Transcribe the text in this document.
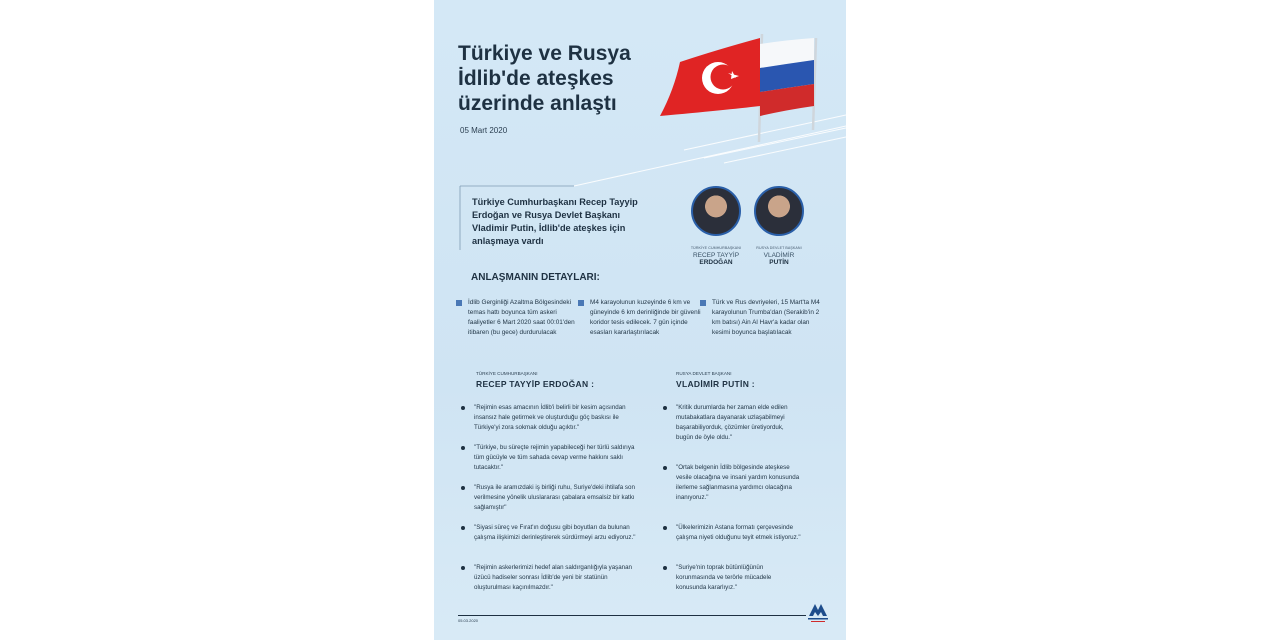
Türkiye ve Rusya İdlib'de ateşkes üzerinde anlaştı
05 Mart 2020
Türkiye Cumhurbaşkanı Recep Tayyip Erdoğan ve Rusya Devlet Başkanı Vladimir Putin, İdlib'de ateşkes için anlaşmaya vardı
TÜRKİYE CUMHURBAŞKANI
RECEP TAYYİP
ERDOĞAN
RUSYA DEVLET BAŞKANI
VLADİMİR
PUTİN
ANLAŞMANIN DETAYLARI:
İdlib Gerginliği Azaltma Bölgesindeki temas hattı boyunca tüm askeri faaliyetler 6 Mart 2020 saat 00:01'den itibaren (bu gece) durdurulacak
M4 karayolunun kuzeyinde 6 km ve güneyinde 6 km derinliğinde bir güvenli koridor tesis edilecek. 7 gün içinde esasları kararlaştırılacak
Türk ve Rus devriyeleri, 15 Mart'ta M4 karayolunun Trumba'dan (Serakib'in 2 km batısı) Ain Al Havr'a kadar olan kesimi boyunca başlatılacak
TÜRKİYE CUMHURBAŞKANI
RECEP TAYYİP ERDOĞAN :
"Rejimin esas amacının İdlib'i belirli bir kesim açısından insansız hale getirmek ve oluşturduğu göç baskısı ile Türkiye'yi zora sokmak olduğu açıktır."
"Türkiye, bu süreçte rejimin yapabileceği her türlü saldırıya tüm gücüyle ve tüm sahada cevap verme hakkını saklı tutacaktır."
"Rusya ile aramızdaki iş birliği ruhu, Suriye'deki ihtilafa son verilmesine yönelik uluslararası çabalara emsalsiz bir katkı sağlamıştır"
"Siyasi süreç ve Fırat'ın doğusu gibi boyutları da bulunan çalışma ilişkimizi derinleştirerek sürdürmeyi arzu ediyoruz."
"Rejimin askerlerimizi hedef alan saldırganlığıyla yaşanan üzücü hadiseler sonrası İdlib'de yeni bir statünün oluşturulması kaçınılmazdır."
RUSYA DEVLET BAŞKANI
VLADİMİR PUTİN :
"Kritik durumlarda her zaman elde edilen mutabakatlara dayanarak uzlaşabilmeyi başarabiliyorduk, çözümler üretiyorduk, bugün de öyle oldu."
"Ortak belgenin İdlib bölgesinde ateşkese vesile olacağına ve insani yardım konusunda ilerleme sağlanmasına yardımcı olacağına inanıyoruz."
"Ülkelerimizin Astana formatı çerçevesinde çalışma niyeti olduğunu teyit etmek istiyoruz."
"Suriye'nin toprak bütünlüğünün korunmasında ve terörle mücadele konusunda kararlıyız."
05.03.2020
